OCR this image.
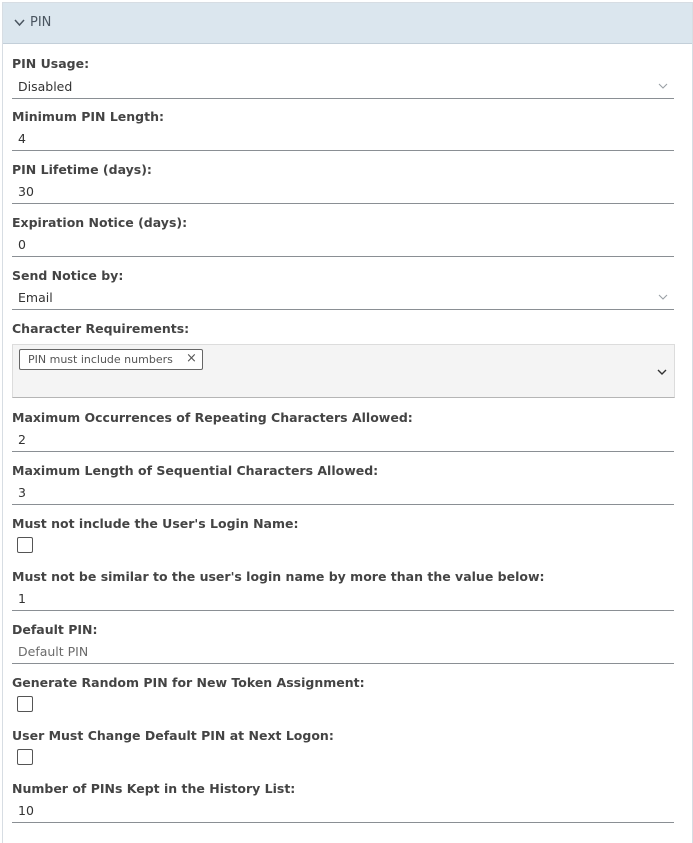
PIN
PIN Usage:
Disabled
Minimum PIN Length:
4
PIN Lifetime (days):
30
Expiration Notice (days):
0
Send Notice by:
Email
Character Requirements:
PIN must include numbers ×
Maximum Occurrences of Repeating Characters Allowed:
2
Maximum Length of Sequential Characters Allowed:
3
Must not include the User's Login Name:
Must not be similar to the user's login name by more than the value below:
1
Default PIN:
Default PIN
Generate Random PIN for New Token Assignment:
User Must Change Default PIN at Next Logon:
Number of PINs Kept in the History List:
10
